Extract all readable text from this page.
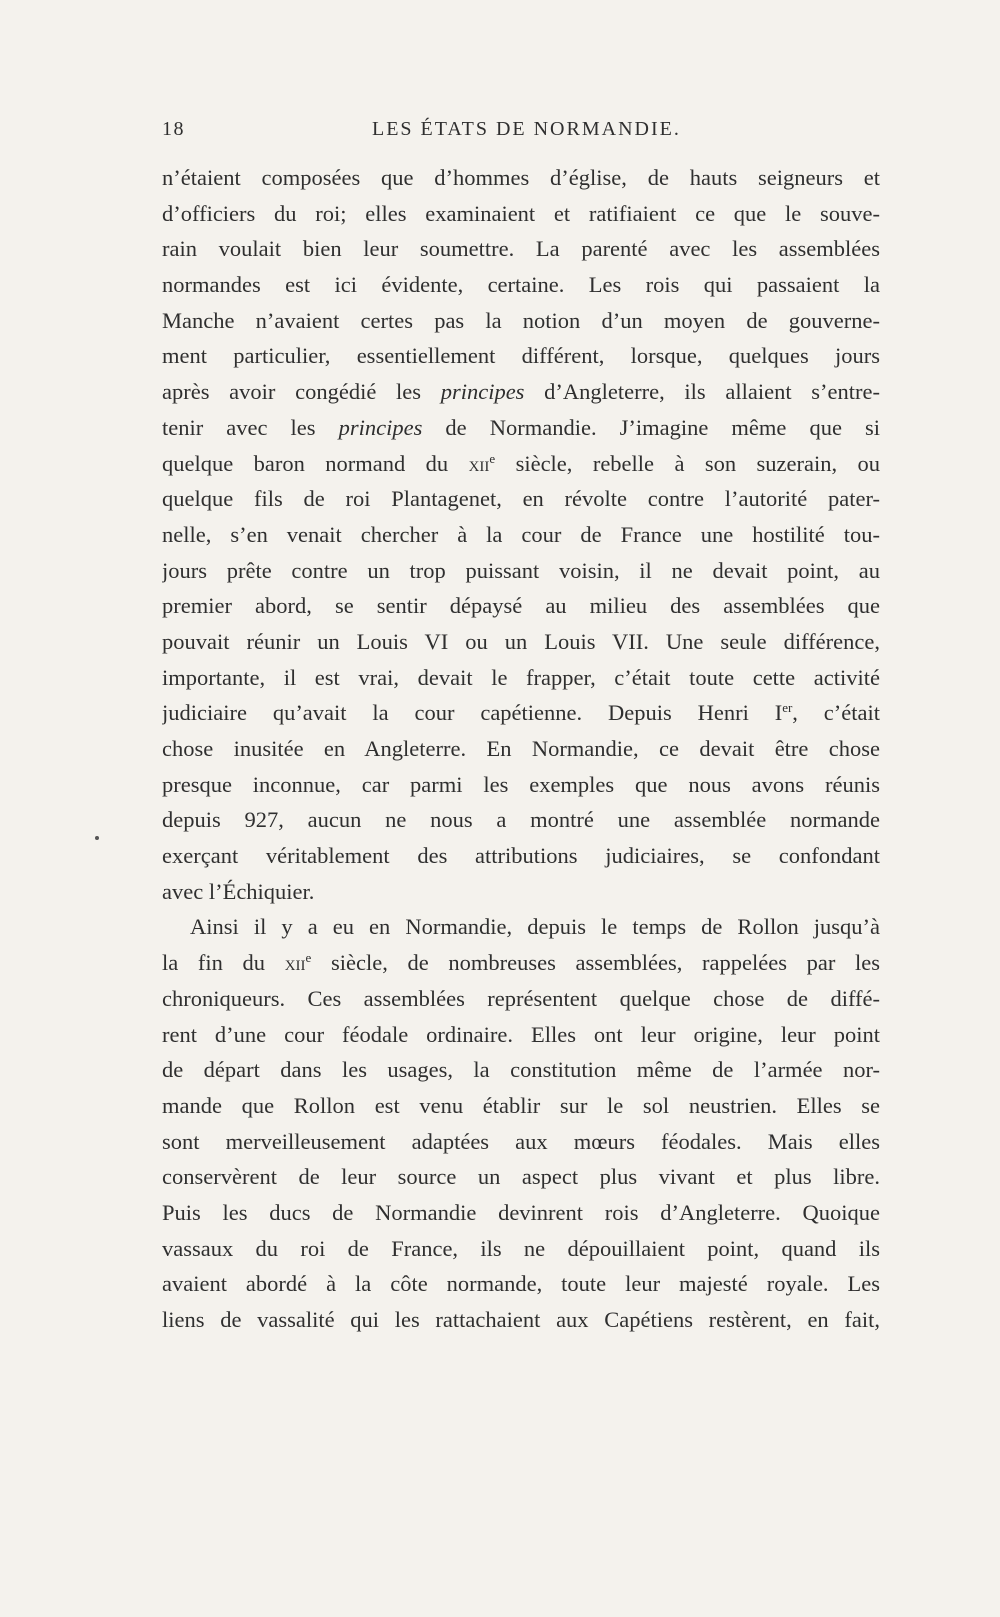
18	LES ÉTATS DE NORMANDIE.
n’étaient composées que d’hommes d’église, de hauts seigneurs et
d’officiers du roi; elles examinaient et ratifiaient ce que le souve-
rain voulait bien leur soumettre. La parenté avec les assemblées
normandes est ici évidente, certaine. Les rois qui passaient la
Manche n’avaient certes pas la notion d’un moyen de gouverne-
ment particulier, essentiellement différent, lorsque, quelques jours
après avoir congédié les principes d’Angleterre, ils allaient s’entre-
tenir avec les principes de Normandie. J’imagine même que si
quelque baron normand du xii$^e$ siècle, rebelle à son suzerain, ou
quelque fils de roi Plantagenet, en révolte contre l’autorité pater-
nelle, s’en venait chercher à la cour de France une hostilité tou-
jours prête contre un trop puissant voisin, il ne devait point, au
premier abord, se sentir dépaysé au milieu des assemblées que
pouvait réunir un Louis VI ou un Louis VII. Une seule différence,
importante, il est vrai, devait le frapper, c’était toute cette activité
judiciaire qu’avait la cour capétienne. Depuis Henri Ier, c’était
chose inusitée en Angleterre. En Normandie, ce devait être chose
presque inconnue, car parmi les exemples que nous avons réunis
depuis 927, aucun ne nous a montré une assemblée normande
exerçant véritablement des attributions judiciaires, se confondant
avec l’Échiquier.
Ainsi il y a eu en Normandie, depuis le temps de Rollon jusqu’à
la fin du xii$^e$ siècle, de nombreuses assemblées, rappelées par les
chroniqueurs. Ces assemblées représentent quelque chose de diffé-
rent d’une cour féodale ordinaire. Elles ont leur origine, leur point
de départ dans les usages, la constitution même de l’armée nor-
mande que Rollon est venu établir sur le sol neustrien. Elles se
sont merveilleusement adaptées aux mœurs féodales. Mais elles
conservèrent de leur source un aspect plus vivant et plus libre.
Puis les ducs de Normandie devinrent rois d’Angleterre. Quoique
vassaux du roi de France, ils ne dépouillaient point, quand ils
avaient abordé à la côte normande, toute leur majesté royale. Les
liens de vassalité qui les rattachaient aux Capétiens restèrent, en fait,
